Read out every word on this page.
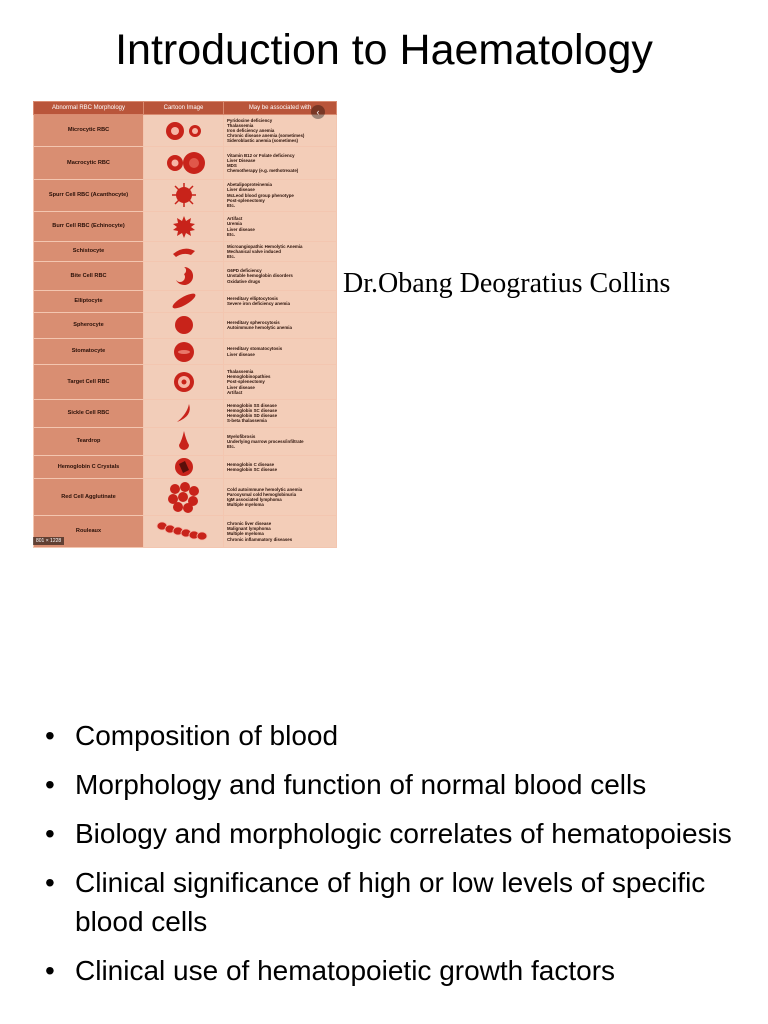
Introduction to Haematology
Abnormal RBC Morphology	Cartoon Image	May be associated with
Microcytic RBC		Pyridoxine deficiency
Thalassemia
Iron deficiency anemia
Chronic disease anemia (sometimes)
Sideroblastic anemia (sometimes)

Macrocytic RBC		Vitamin B12 or Folate deficiency
Liver Disease
MDS
Chemotherapy (e.g. methotrexate)

Spurr Cell RBC (Acanthocyte)		Abetalipoproteinemia
Liver disease
McLeod blood group phenotype
Post-splenectomy
Etc.

Burr Cell RBC (Echinocyte)		Artifact
Uremia
Liver disease
Etc.

Schistocyte		Microangiopathic Hemolytic Anemia
Mechanical valve induced
Etc.

Bite Cell RBC		G6PD deficiency
Unstable hemoglobin disorders
Oxidative drugs

Elliptocyte		Hereditary elliptocytosis
Severe iron deficiency anemia

Spherocyte		Hereditary spherocytosis
Autoimmune hemolytic anemia

Stomatocyte		Hereditary stomatocytosis
Liver disease

Target Cell RBC		Thalassemia
Hemoglobinopathies
Post-splenectomy
Liver disease
Artifact

Sickle Cell RBC		Hemoglobin SS disease
Hemoglobin SC disease
Hemoglobin SD disease
S-beta thalassemia

Teardrop		Myelofibrosis
Underlying marrow process/infiltrate
Etc.

Hemoglobin C Crystals		Hemoglobin C disease
Hemoglobin SC disease

Red Cell Agglutinate		Cold autoimmune hemolytic anemia
Paroxysmal cold hemoglobinuria
IgM associated lymphoma
Multiple myeloma

Rouleaux		Chronic liver disease
Malignant lymphoma
Multiple myeloma
Chronic inflammatory diseases
‹
801 × 1228
Dr.Obang Deogratius Collins
• Composition of blood
• Morphology and function of normal blood cells
• Biology and morphologic correlates of hematopoiesis
• Clinical significance of high or low levels of specific blood cells
• Clinical use of hematopoietic growth factors
